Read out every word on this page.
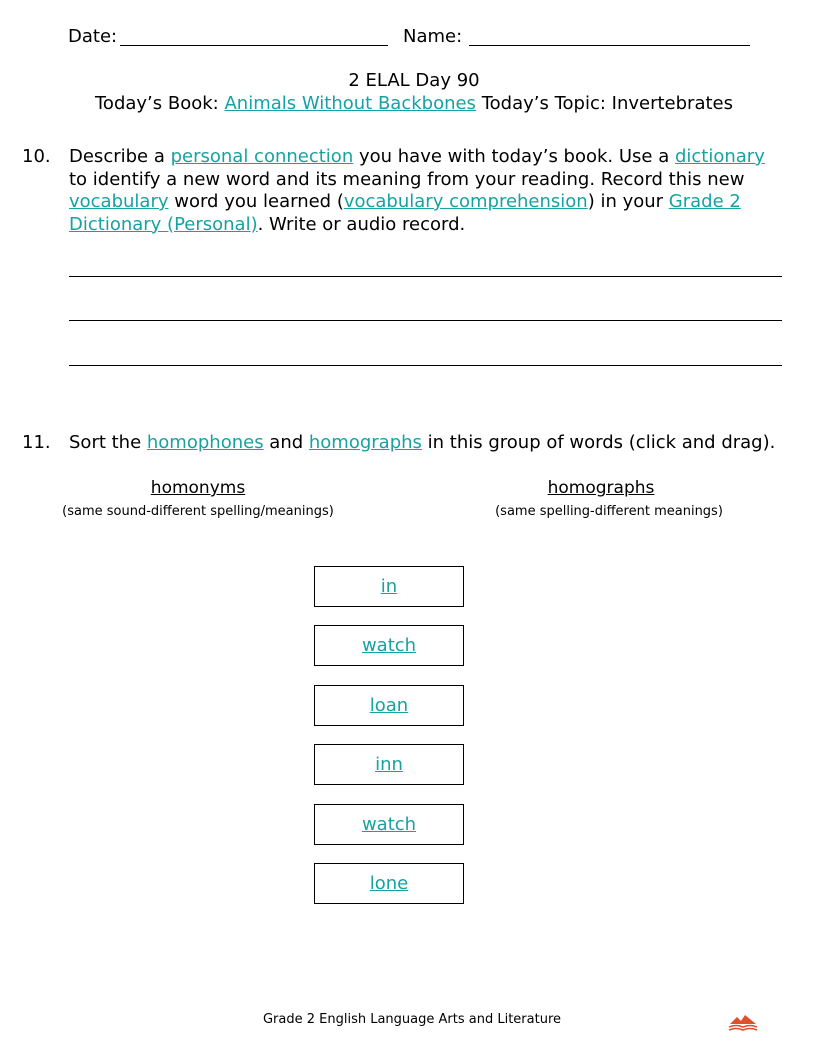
Date:	Name:
2 ELAL Day 90
Today’s Book: Animals Without Backbones Today’s Topic: Invertebrates
10. Describe a personal connection you have with today’s book. Use a dictionary to identify a new word and its meaning from your reading. Record this new vocabulary word you learned (vocabulary comprehension) in your Grade 2 Dictionary (Personal). Write or audio record.
11. Sort the homophones and homographs in this group of words (click and drag).
homonyms
(same sound-different spelling/meanings)
homographs
(same spelling-different meanings)
in
watch
loan
inn
watch
lone
Grade 2 English Language Arts and Literature
